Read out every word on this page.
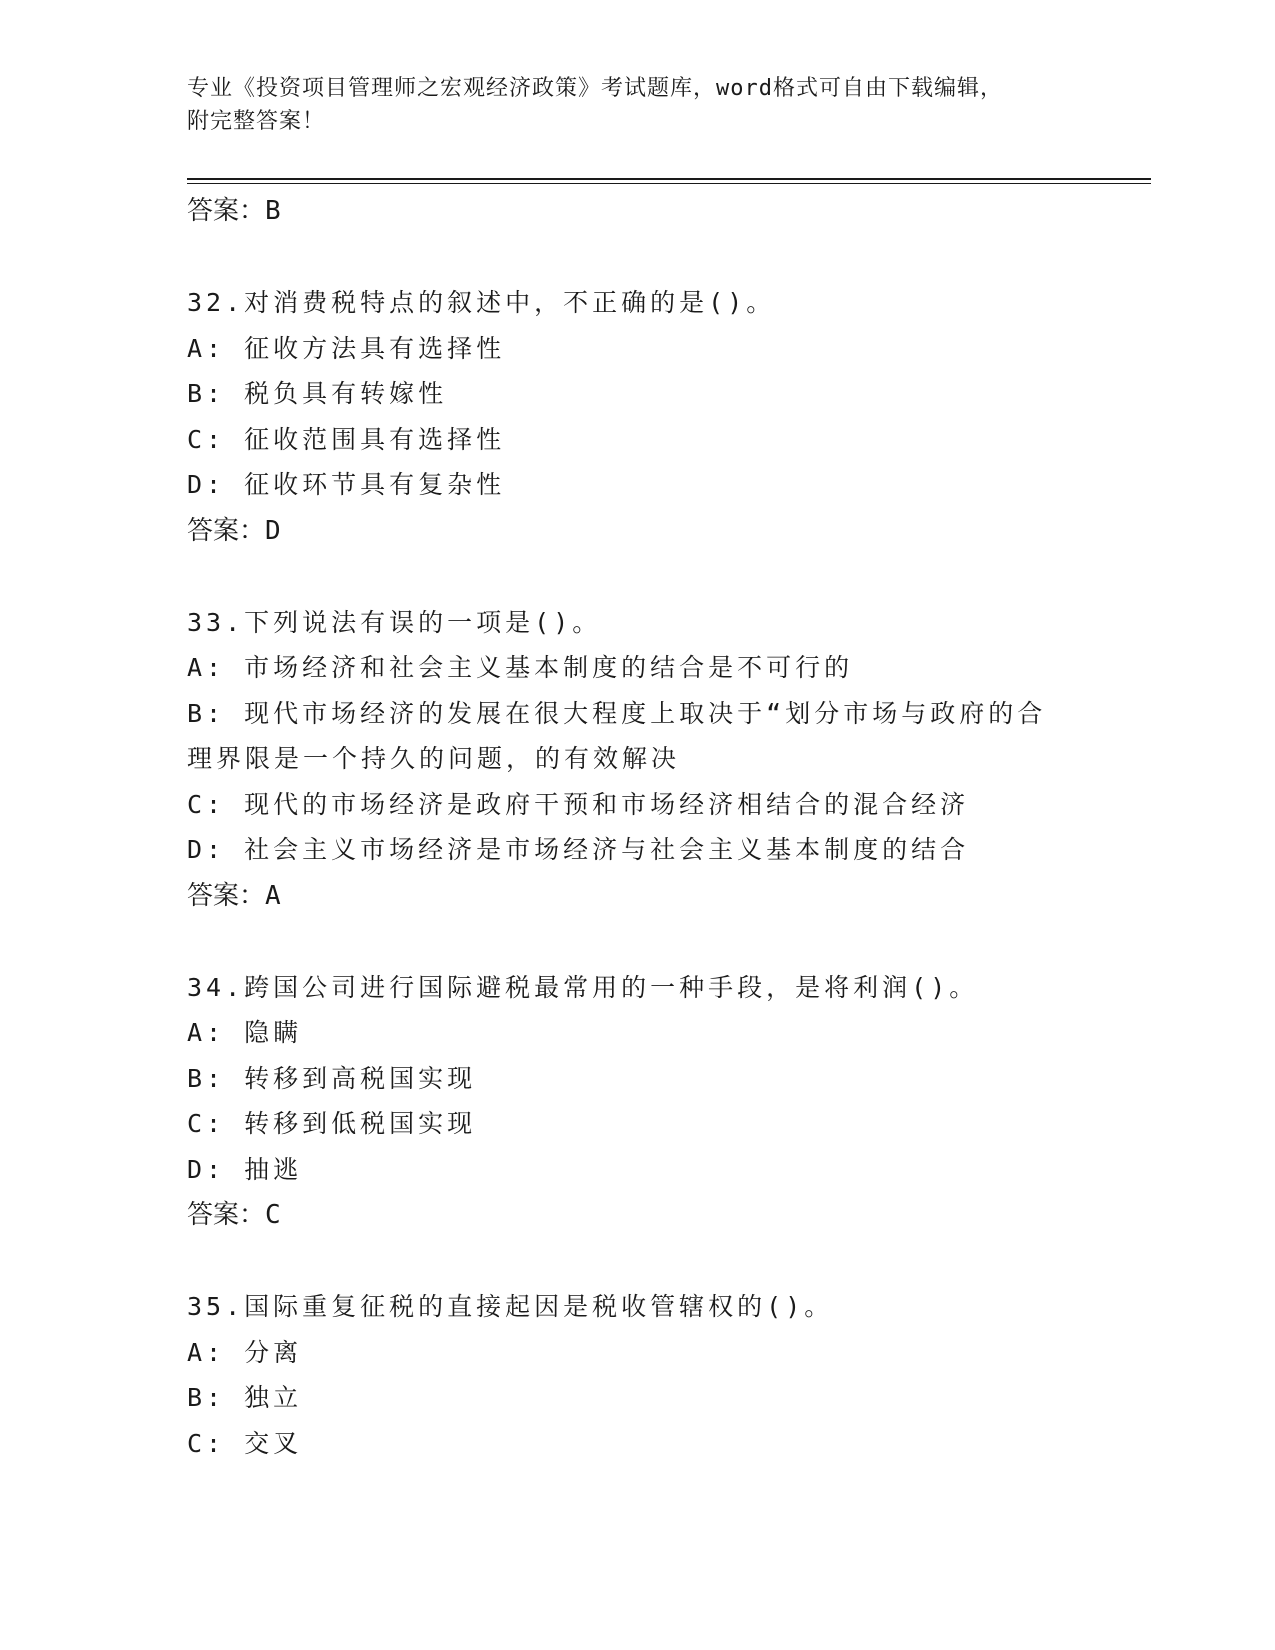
专业《投资项目管理师之宏观经济政策》考试题库，word格式可自由下载编辑，
附完整答案！
答案：B

32.对消费税特点的叙述中，不正确的是()。

A: 征收方法具有选择性

B: 税负具有转嫁性

C: 征收范围具有选择性

D: 征收环节具有复杂性

答案：D

33.下列说法有误的一项是()。

A: 市场经济和社会主义基本制度的结合是不可行的

B: 现代市场经济的发展在很大程度上取决于“划分市场与政府的合理界限是一个持久的问题，的有效解决

C: 现代的市场经济是政府干预和市场经济相结合的混合经济

D: 社会主义市场经济是市场经济与社会主义基本制度的结合

答案：A

34.跨国公司进行国际避税最常用的一种手段，是将利润()。

A: 隐瞒

B: 转移到高税国实现

C: 转移到低税国实现

D: 抽逃

答案：C

35.国际重复征税的直接起因是税收管辖权的()。

A: 分离

B: 独立

C: 交叉
